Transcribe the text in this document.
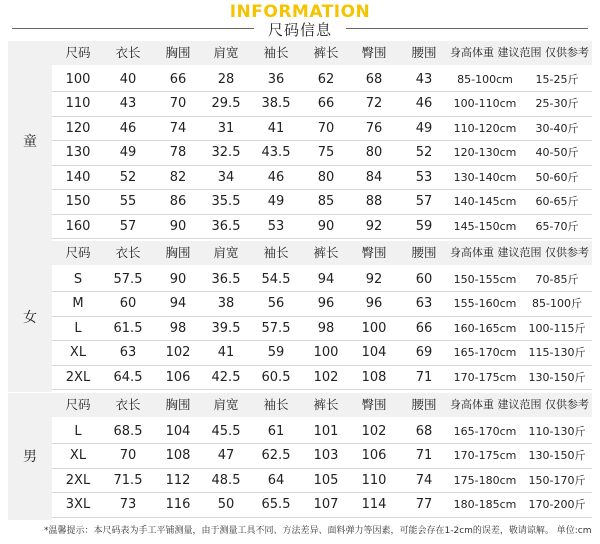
INFORMATION
尺码信息
童
尺码	衣长	胸围	肩宽	袖长	裤长	臀围	腰围	身高体重 建议范围 仅供参考
100	40	66	28	36	62	68	43	85-100cm	15-25斤
110	43	70	29.5	38.5	66	72	46	100-110cm	25-30斤
120	46	74	31	41	70	76	49	110-120cm	30-40斤
130	49	78	32.5	43.5	75	80	52	120-130cm	40-50斤
140	52	82	34	46	80	84	53	130-140cm	50-60斤
150	55	86	35.5	49	85	88	57	140-145cm	60-65斤
160	57	90	36.5	53	90	92	59	145-150cm	65-70斤
女
尺码	衣长	胸围	肩宽	袖长	裤长	臀围	腰围	身高体重 建议范围 仅供参考
S	57.5	90	36.5	54.5	94	92	60	150-155cm	70-85斤
M	60	94	38	56	96	96	63	155-160cm	85-100斤
L	61.5	98	39.5	57.5	98	100	66	160-165cm	100-115斤
XL	63	102	41	59	100	104	69	165-170cm	115-130斤
2XL	64.5	106	42.5	60.5	102	108	71	170-175cm	130-150斤
男
尺码	衣长	胸围	肩宽	袖长	裤长	臀围	腰围	身高体重 建议范围 仅供参考
L	68.5	104	45.5	61	101	102	68	165-170cm	110-130斤
XL	70	108	47	62.5	103	106	71	170-175cm	130-150斤
2XL	71.5	112	48.5	64	105	110	74	175-180cm	150-170斤
3XL	73	116	50	65.5	107	114	77	180-185cm	170-200斤
*温馨提示：本尺码表为手工平铺测量，由于测量工具不同、方法差异、面料弹力等因素，可能会存在1-2cm的误差，敬请谅解。 单位:cm
